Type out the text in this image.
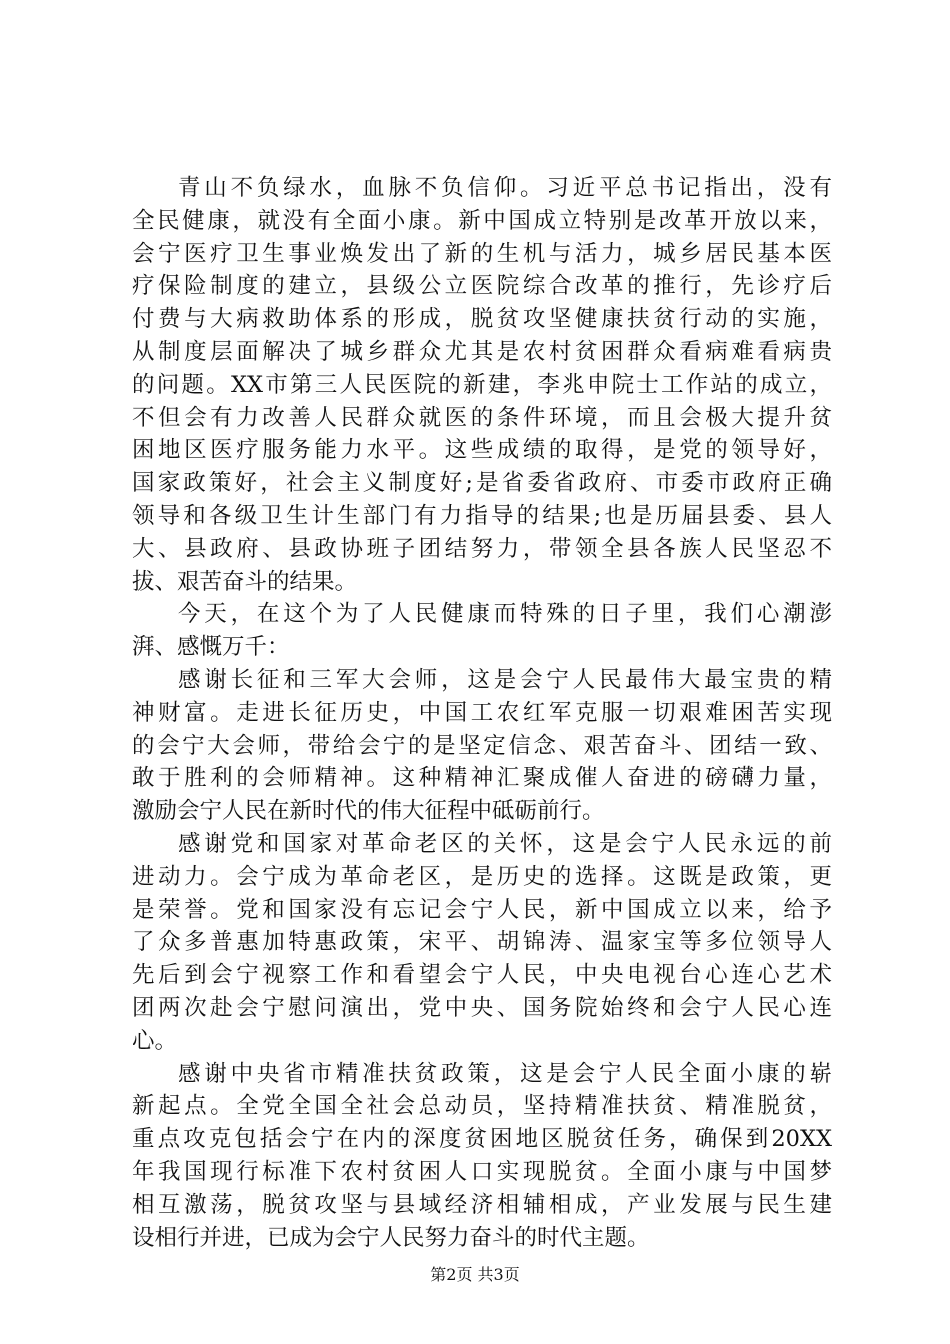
青山不负绿水，血脉不负信仰。习近平总书记指出，没有
全民健康，就没有全面小康。新中国成立特别是改革开放以来，
会宁医疗卫生事业焕发出了新的生机与活力，城乡居民基本医
疗保险制度的建立，县级公立医院综合改革的推行，先诊疗后
付费与大病救助体系的形成，脱贫攻坚健康扶贫行动的实施，
从制度层面解决了城乡群众尤其是农村贫困群众看病难看病贵
的问题。XX市第三人民医院的新建，李兆申院士工作站的成立，
不但会有力改善人民群众就医的条件环境，而且会极大提升贫
困地区医疗服务能力水平。这些成绩的取得，是党的领导好，
国家政策好，社会主义制度好;是省委省政府、市委市政府正确
领导和各级卫生计生部门有力指导的结果;也是历届县委、县人
大、县政府、县政协班子团结努力，带领全县各族人民坚忍不
拔、艰苦奋斗的结果。
今天，在这个为了人民健康而特殊的日子里，我们心潮澎
湃、感慨万千：
感谢长征和三军大会师，这是会宁人民最伟大最宝贵的精
神财富。走进长征历史，中国工农红军克服一切艰难困苦实现
的会宁大会师，带给会宁的是坚定信念、艰苦奋斗、团结一致、
敢于胜利的会师精神。这种精神汇聚成催人奋进的磅礴力量，
激励会宁人民在新时代的伟大征程中砥砺前行。
感谢党和国家对革命老区的关怀，这是会宁人民永远的前
进动力。会宁成为革命老区，是历史的选择。这既是政策，更
是荣誉。党和国家没有忘记会宁人民，新中国成立以来，给予
了众多普惠加特惠政策，宋平、胡锦涛、温家宝等多位领导人
先后到会宁视察工作和看望会宁人民，中央电视台心连心艺术
团两次赴会宁慰问演出，党中央、国务院始终和会宁人民心连
心。
感谢中央省市精准扶贫政策，这是会宁人民全面小康的崭
新起点。全党全国全社会总动员，坚持精准扶贫、精准脱贫，
重点攻克包括会宁在内的深度贫困地区脱贫任务，确保到20XX
年我国现行标准下农村贫困人口实现脱贫。全面小康与中国梦
相互激荡，脱贫攻坚与县域经济相辅相成，产业发展与民生建
设相行并进，已成为会宁人民努力奋斗的时代主题。
第2页 共3页
